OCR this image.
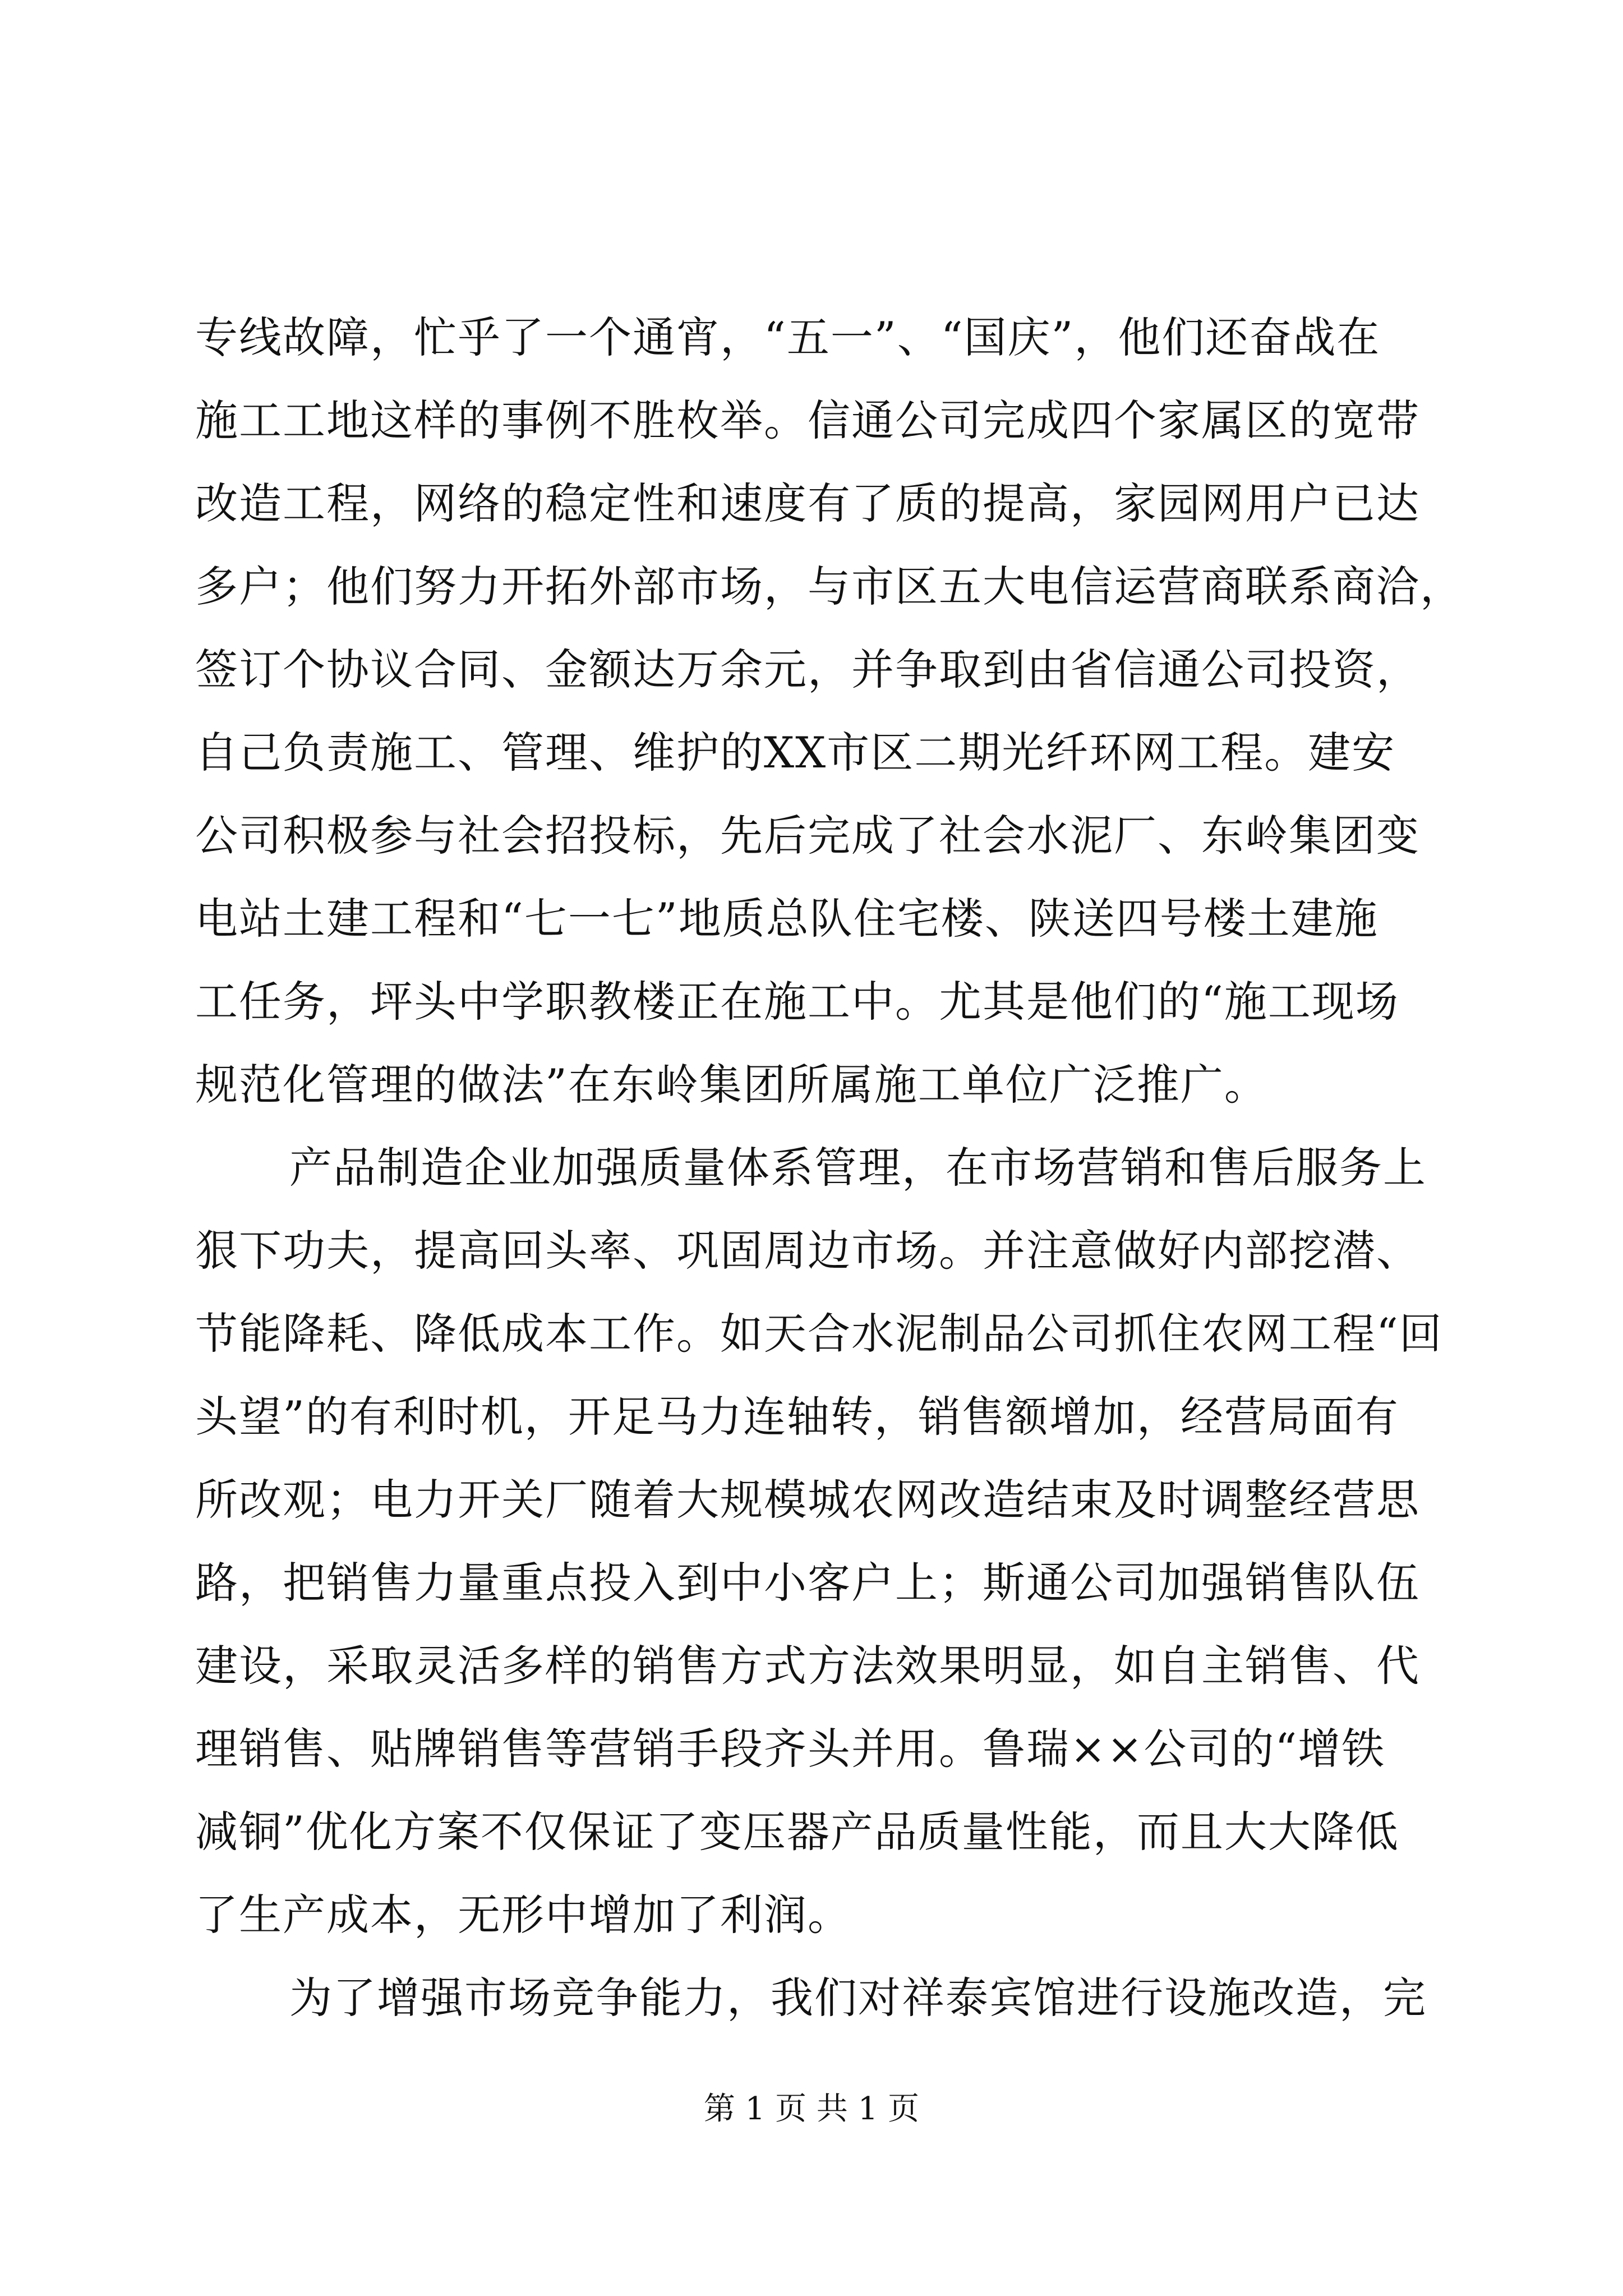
专线故障，忙乎了一个通宵，“五一”、“国庆”，他们还奋战在
施工工地这样的事例不胜枚举。信通公司完成四个家属区的宽带
改造工程，网络的稳定性和速度有了质的提高，家园网用户已达
多户；他们努力开拓外部市场，与市区五大电信运营商联系商洽，
签订个协议合同、金额达万余元，并争取到由省信通公司投资，
自己负责施工、管理、维护的XX市区二期光纤环网工程。建安
公司积极参与社会招投标，先后完成了社会水泥厂、东岭集团变
电站土建工程和“七一七”地质总队住宅楼、陕送四号楼土建施
工任务，坪头中学职教楼正在施工中。尤其是他们的“施工现场
规范化管理的做法”在东岭集团所属施工单位广泛推广。
产品制造企业加强质量体系管理，在市场营销和售后服务上
狠下功夫，提高回头率、巩固周边市场。并注意做好内部挖潜、
节能降耗、降低成本工作。如天合水泥制品公司抓住农网工程“回
头望”的有利时机，开足马力连轴转，销售额增加，经营局面有
所改观；电力开关厂随着大规模城农网改造结束及时调整经营思
路，把销售力量重点投入到中小客户上；斯通公司加强销售队伍
建设，采取灵活多样的销售方式方法效果明显，如自主销售、代
理销售、贴牌销售等营销手段齐头并用。鲁瑞××公司的“增铁
减铜”优化方案不仅保证了变压器产品质量性能，而且大大降低
了生产成本，无形中增加了利润。
为了增强市场竞争能力，我们对祥泰宾馆进行设施改造，完
第 1 页 共 1 页
